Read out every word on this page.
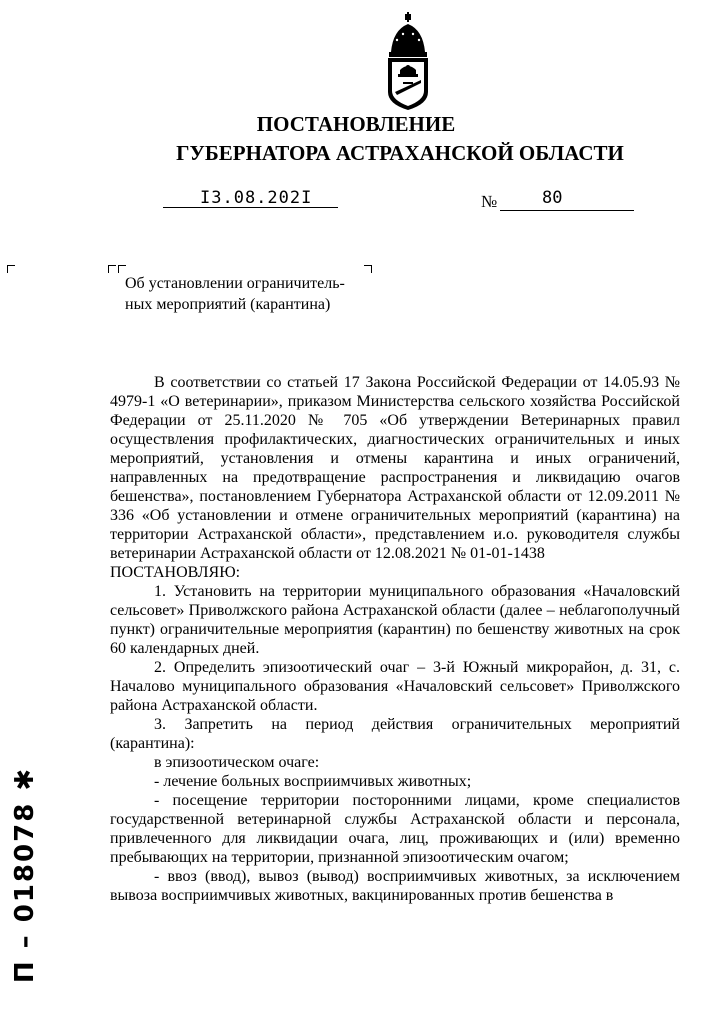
ПОСТАНОВЛЕНИЕ
ГУБЕРНАТОРА АСТРАХАНСКОЙ ОБЛАСТИ
I3.08.202I	№	80
Об установлении ограничитель-
ных мероприятий (карантина)

В соответствии со статьей 17 Закона Российской Федерации от 14.05.93 № 4979-1 «О ветеринарии», приказом Министерства сельского хозяйства Российской Федерации от 25.11.2020 № 705 «Об утверждении Ветеринарных правил осуществления профилактических, диагностических ограничительных и иных мероприятий, установления и отмены карантина и иных ограничений, направленных на предотвращение распространения и ликвидацию очагов бешенства», постановлением Губернатора Астраханской области от 12.09.2011 № 336 «Об установлении и отмене ограничительных мероприятий (карантина) на территории Астраханской области», представлением и.о. руководителя службы ветеринарии Астраханской области от 12.08.2021 № 01-01-1438

ПОСТАНОВЛЯЮ:

1. Установить на территории муниципального образования «Началовский сельсовет» Приволжского района Астраханской области (далее – неблагополучный пункт) ограничительные мероприятия (карантин) по бешенству животных на срок 60 календарных дней.

2. Определить эпизоотический очаг – 3-й Южный микрорайон, д. 31, с. Началово муниципального образования «Началовский сельсовет» Приволжского района Астраханской области.

3. Запретить на период действия ограничительных мероприятий (карантина):

в эпизоотическом очаге:

- лечение больных восприимчивых животных;

- посещение территории посторонними лицами, кроме специалистов государственной ветеринарной службы Астраханской области и персонала, привлеченного для ликвидации очага, лиц, проживающих и (или) временно пребывающих на территории, признанной эпизоотическим очагом;

- ввоз (ввод), вывоз (вывод) восприимчивых животных, за исключением вывоза восприимчивых животных, вакцинированных против бешенства в

П – 018078 ✱
